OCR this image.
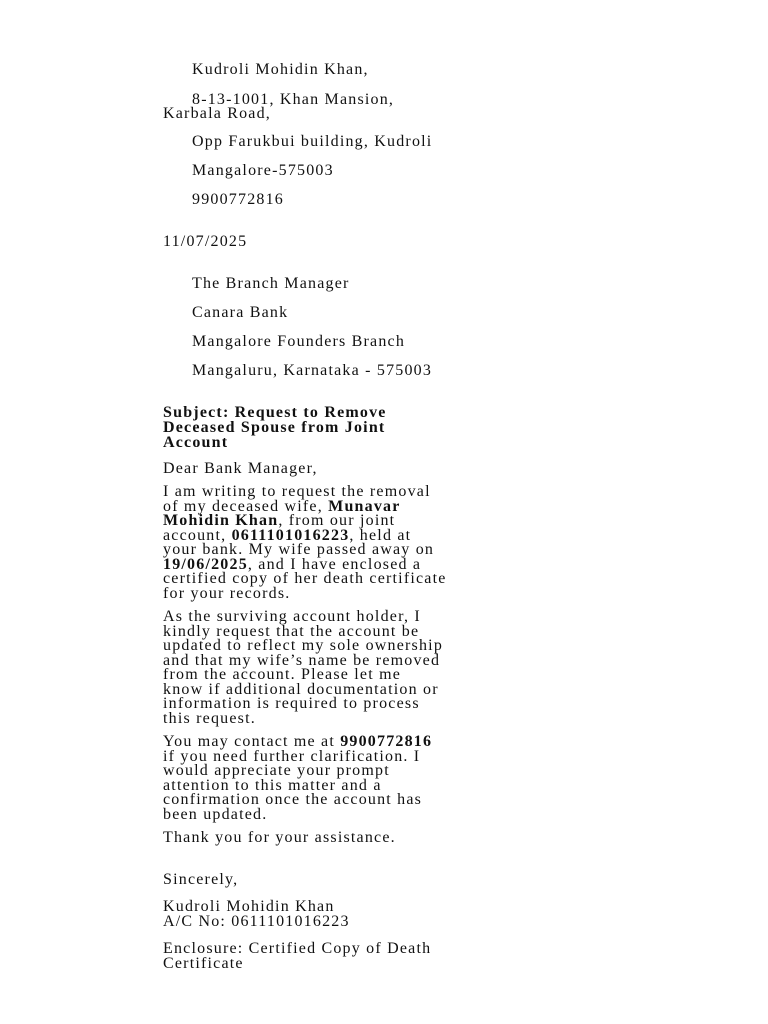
Kudroli Mohidin Khan,

8-13-1001, Khan Mansion,

Karbala Road,

Opp Farukbui building, Kudroli

Mangalore-575003

9900772816

11/07/2025

The Branch Manager

Canara Bank

Mangalore Founders Branch

Mangaluru, Karnataka - 575003

Subject: Request to Remove
Deceased Spouse from Joint
Account

Dear Bank Manager,

I am writing to request the removal
of my deceased wife, Munavar
Mohidin Khan, from our joint
account, 0611101016223, held at
your bank. My wife passed away on
19/06/2025, and I have enclosed a
certified copy of her death certificate
for your records.
As the surviving account holder, I
kindly request that the account be
updated to reflect my sole ownership
and that my wife’s name be removed
from the account. Please let me
know if additional documentation or
information is required to process
this request.
You may contact me at 9900772816
if you need further clarification. I
would appreciate your prompt
attention to this matter and a
confirmation once the account has
been updated.

Thank you for your assistance.

Sincerely,

Kudroli Mohidin Khan
A/C No: 0611101016223
Enclosure: Certified Copy of Death
Certificate
